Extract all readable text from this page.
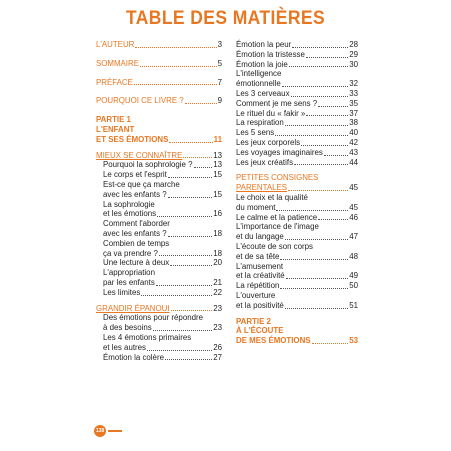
TABLE DES MATIÈRES
L'AUTEUR	3
SOMMAIRE	5
PRÉFACE	7
POURQUOI CE LIVRE ?	9
PARTIE 1
L'ENFANT
ET SES ÉMOTIONS	11
MIEUX SE CONNAÎTRE	13
Pourquoi la sophrologie ?	13
Le corps et l'esprit	15
Est-ce que ça marche
avec les enfants ?	15
La sophrologie
et les émotions	16
Comment l'aborder
avec les enfants ?	18
Combien de temps
ça va prendre ?	18
Une lecture à deux	20
L'appropriation
par les enfants	21
Les limites	22
GRANDIR ÉPANOUI	23
Des émotions pour répondre
à des besoins	23
Les 4 émotions primaires
et les autres	26
Émotion la colère	27
Émotion la peur	28
Émotion la tristesse	29
Émotion la joie	30
L'intelligence
émotionnelle	32
Les 3 cerveaux	33
Comment je me sens ?	35
Le rituel du « fakir »	37
La respiration	38
Les 5 sens	40
Les jeux corporels	42
Les voyages imaginaires	43
Les jeux créatifs	44
PETITES CONSIGNES
PARENTALES	45
Le choix et la qualité
du moment	45
Le calme et la patience	46
L'importance de l'image
et du langage	47
L'écoute de son corps
et de sa tête	48
L'amusement
et la créativité	49
La répétition	50
L'ouverture
et la positivité	51
PARTIE 2
À L'ÉCOUTE
DE MES ÉMOTIONS	53
138
